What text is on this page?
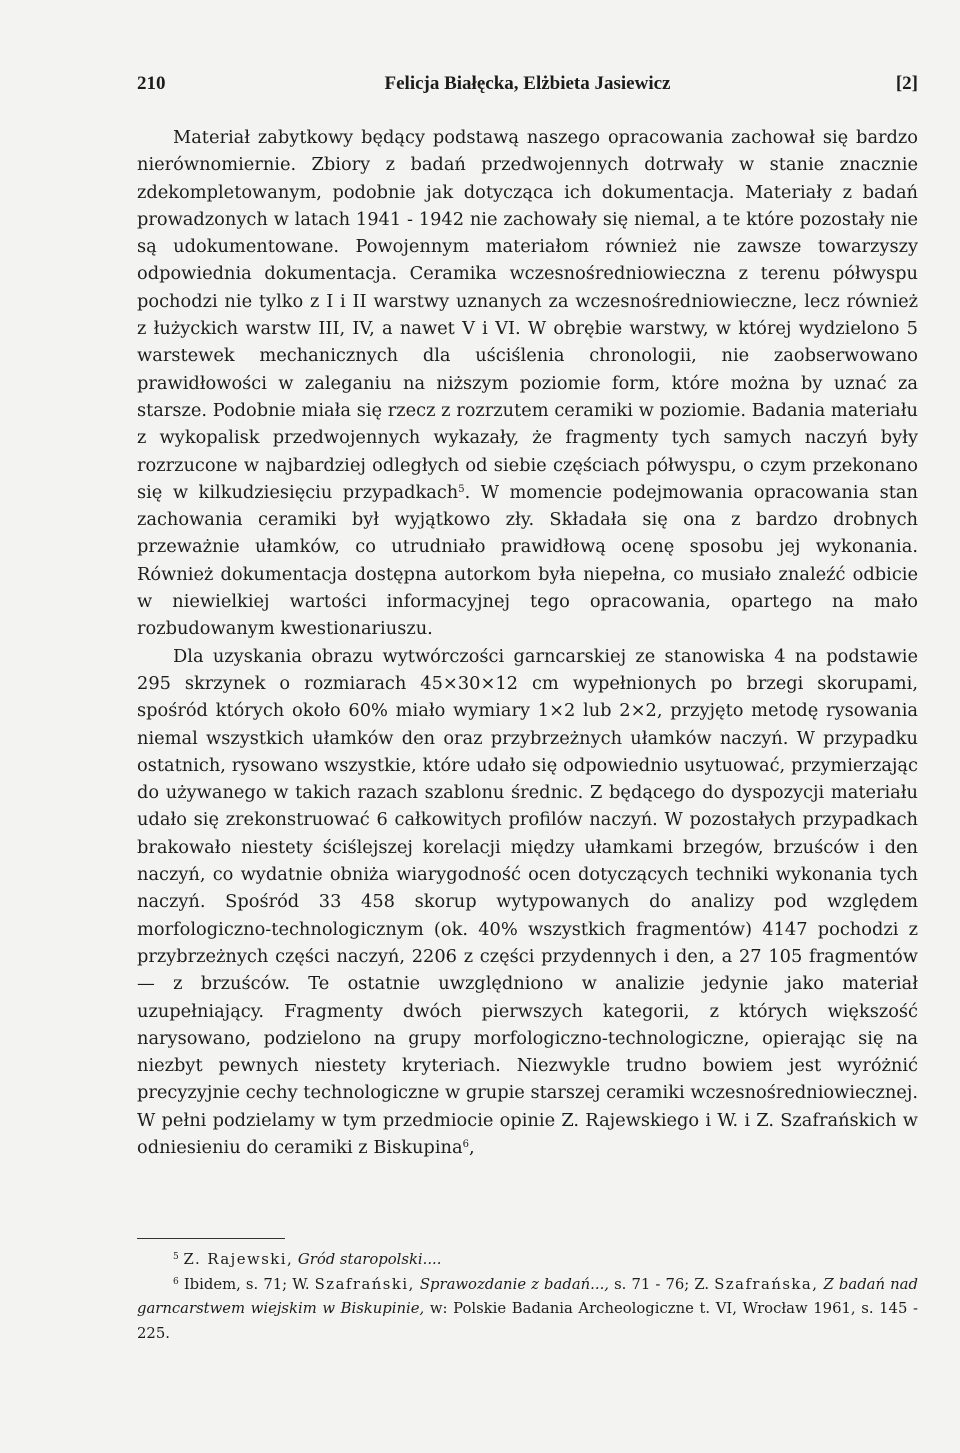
210	Felicja Białęcka, Elżbieta Jasiewicz	[2]

Materiał zabytkowy będący podstawą naszego opracowania zachował się bardzo nierównomiernie. Zbiory z badań przedwojennych dotrwały w stanie znacznie zdekompletowanym, podobnie jak dotycząca ich dokumentacja. Materiały z badań prowadzonych w latach 1941 - 1942 nie zachowały się niemal, a te które pozostały nie są udokumentowane. Powojennym materiałom również nie zawsze towarzyszy odpowiednia dokumentacja. Ceramika wczesnośredniowieczna z terenu półwyspu pochodzi nie tylko z I i II warstwy uznanych za wczesnośredniowieczne, lecz również z łużyckich warstw III, IV, a nawet V i VI. W obrębie warstwy, w której wydzielono 5 warstewek mechanicznych dla uściślenia chronologii, nie zaobserwowano prawidłowości w zaleganiu na niższym poziomie form, które można by uznać za starsze. Podobnie miała się rzecz z rozrzutem ceramiki w poziomie. Badania materiału z wykopalisk przedwojennych wykazały, że fragmenty tych samych naczyń były rozrzucone w najbardziej odległych od siebie częściach półwyspu, o czym przekonano się w kilkudziesięciu przypadkach$^5$. W momencie podejmowania opracowania stan zachowania ceramiki był wyjątkowo zły. Składała się ona z bardzo drobnych przeważnie ułamków, co utrudniało prawidłową ocenę sposobu jej wykonania. Również dokumentacja dostępna autorkom była niepełna, co musiało znaleźć odbicie w niewielkiej wartości informacyjnej tego opracowania, opartego na mało rozbudowanym kwestionariuszu.

Dla uzyskania obrazu wytwórczości garncarskiej ze stanowiska 4 na podstawie 295 skrzynek o rozmiarach 45×30×12 cm wypełnionych po brzegi skorupami, spośród których około 60% miało wymiary 1×2 lub 2×2, przyjęto metodę rysowania niemal wszystkich ułamków den oraz przybrzeżnych ułamków naczyń. W przypadku ostatnich, rysowano wszystkie, które udało się odpowiednio usytuować, przymierzając do używanego w takich razach szablonu średnic. Z będącego do dyspozycji materiału udało się zrekonstruować 6 całkowitych profilów naczyń. W pozostałych przypadkach brakowało niestety ściślejszej korelacji między ułamkami brzegów, brzuśców i den naczyń, co wydatnie obniża wiarygodność ocen dotyczących techniki wykonania tych naczyń. Spośród 33 458 skorup wytypowanych do analizy pod względem morfologiczno-technologicznym (ok. 40% wszystkich fragmentów) 4147 pochodzi z przybrzeżnych części naczyń, 2206 z części przydennych i den, a 27 105 fragmentów — z brzuśców. Te ostatnie uwzględniono w analizie jedynie jako materiał uzupełniający. Fragmenty dwóch pierwszych kategorii, z których większość narysowano, podzielono na grupy morfologiczno-technologiczne, opierając się na niezbyt pewnych niestety kryteriach. Niezwykle trudno bowiem jest wyróżnić precyzyjnie cechy technologiczne w grupie starszej ceramiki wczesnośredniowiecznej. W pełni podzielamy w tym przedmiocie opinie Z. Rajewskiego i W. i Z. Szafrańskich w odniesieniu do ceramiki z Biskupina$^6$,

$^5$ Z. Rajewski, Gród staropolski....

$^6$ Ibidem, s. 71; W. Szafrański, Sprawozdanie z badań..., s. 71 - 76; Z. Szafrańska, Z badań nad garncarstwem wiejskim w Biskupinie, w: Polskie Badania Archeologiczne t. VI, Wrocław 1961, s. 145 - 225.
